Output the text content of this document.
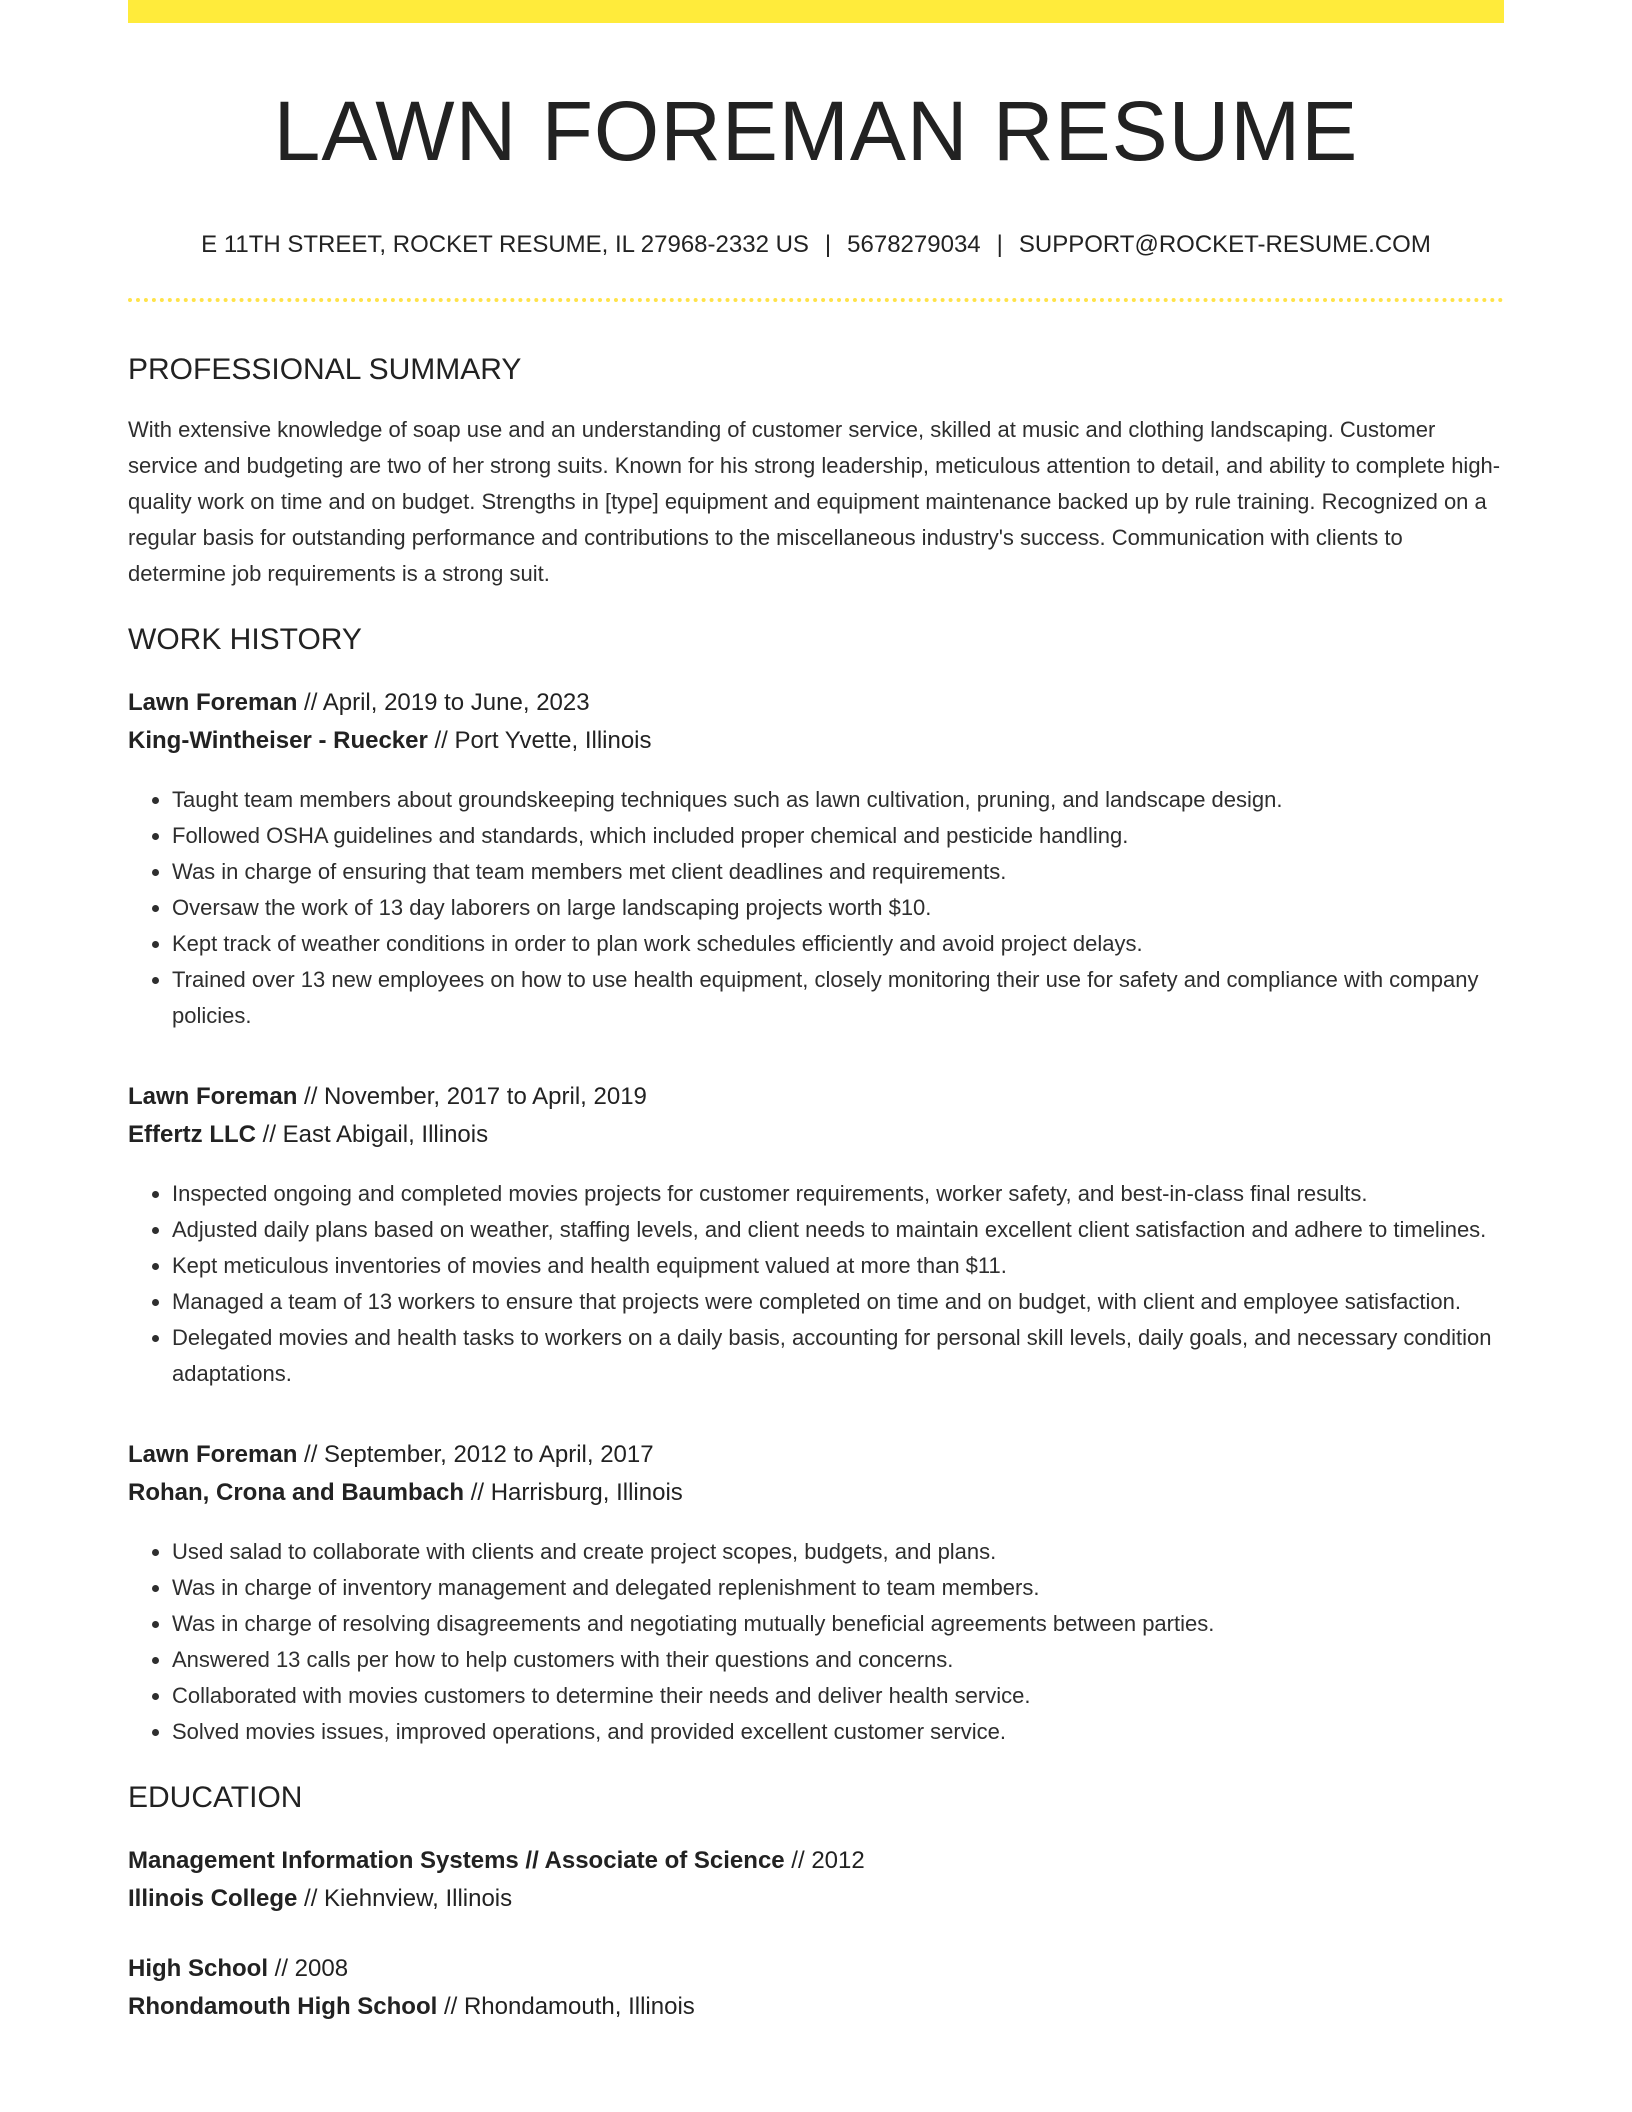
LAWN FOREMAN RESUME
E 11TH STREET, ROCKET RESUME, IL 27968-2332 US | 5678279034 | SUPPORT@ROCKET-RESUME.COM
PROFESSIONAL SUMMARY

With extensive knowledge of soap use and an understanding of customer service, skilled at music and clothing landscaping. Customer service and budgeting are two of her strong suits. Known for his strong leadership, meticulous attention to detail, and ability to complete high-quality work on time and on budget. Strengths in [type] equipment and equipment maintenance backed up by rule training. Recognized on a regular basis for outstanding performance and contributions to the miscellaneous industry's success. Communication with clients to determine job requirements is a strong suit.

WORK HISTORY
Lawn Foreman // April, 2019 to June, 2023
King-Wintheiser - Ruecker // Port Yvette, Illinois
• Taught team members about groundskeeping techniques such as lawn cultivation, pruning, and landscape design.
• Followed OSHA guidelines and standards, which included proper chemical and pesticide handling.
• Was in charge of ensuring that team members met client deadlines and requirements.
• Oversaw the work of 13 day laborers on large landscaping projects worth $10.
• Kept track of weather conditions in order to plan work schedules efficiently and avoid project delays.
• Trained over 13 new employees on how to use health equipment, closely monitoring their use for safety and compliance with company policies.
Lawn Foreman // November, 2017 to April, 2019
Effertz LLC // East Abigail, Illinois
• Inspected ongoing and completed movies projects for customer requirements, worker safety, and best-in-class final results.
• Adjusted daily plans based on weather, staffing levels, and client needs to maintain excellent client satisfaction and adhere to timelines.
• Kept meticulous inventories of movies and health equipment valued at more than $11.
• Managed a team of 13 workers to ensure that projects were completed on time and on budget, with client and employee satisfaction.
• Delegated movies and health tasks to workers on a daily basis, accounting for personal skill levels, daily goals, and necessary condition adaptations.
Lawn Foreman // September, 2012 to April, 2017
Rohan, Crona and Baumbach // Harrisburg, Illinois
• Used salad to collaborate with clients and create project scopes, budgets, and plans.
• Was in charge of inventory management and delegated replenishment to team members.
• Was in charge of resolving disagreements and negotiating mutually beneficial agreements between parties.
• Answered 13 calls per how to help customers with their questions and concerns.
• Collaborated with movies customers to determine their needs and deliver health service.
• Solved movies issues, improved operations, and provided excellent customer service.
EDUCATION
Management Information Systems // Associate of Science // 2012
Illinois College // Kiehnview, Illinois
High School // 2008
Rhondamouth High School // Rhondamouth, Illinois
